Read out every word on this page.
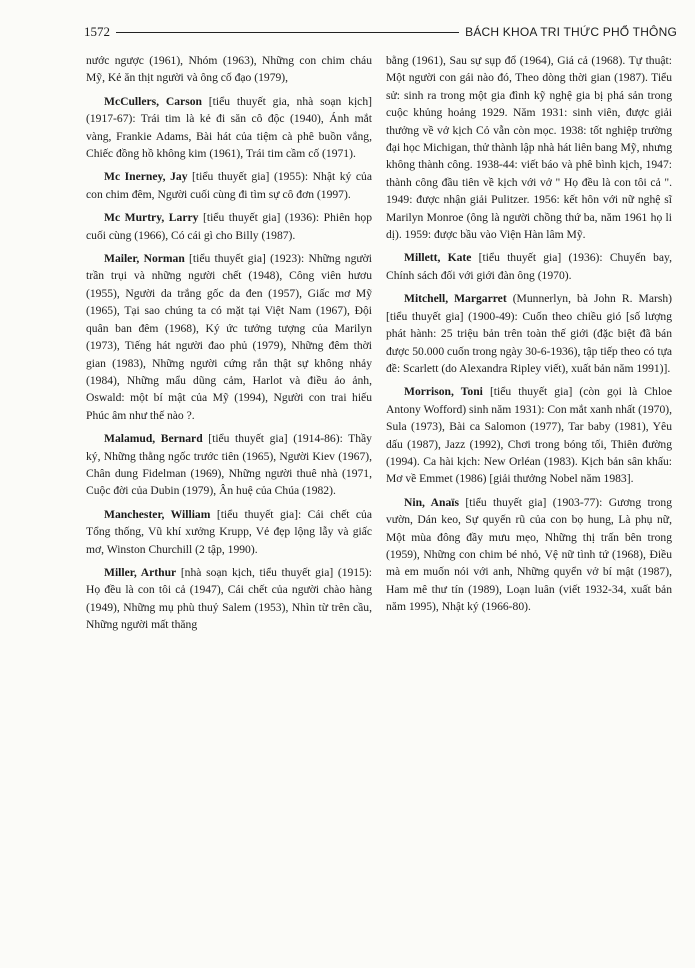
1572	BÁCH KHOA TRI THỨC PHỔ THÔNG

nước ngược (1961), Nhóm (1963), Những con chim cháu Mỹ, Kẻ ăn thịt người và ông cố đạo (1979),

McCullers, Carson [tiểu thuyết gia, nhà soạn kịch] (1917-67): Trái tim là kẻ đi săn cô độc (1940), Ánh mắt vàng, Frankie Adams, Bài hát của tiệm cà phê buồn vắng, Chiếc đồng hồ không kim (1961), Trái tim cầm cố (1971).

Mc Inerney, Jay [tiểu thuyết gia] (1955): Nhật ký của con chim đêm, Người cuối cùng đi tìm sự cô đơn (1997).

Mc Murtry, Larry [tiểu thuyết gia] (1936): Phiên họp cuối cùng (1966), Có cái gì cho Billy (1987).

Mailer, Norman [tiểu thuyết gia] (1923): Những người trần trụi và những người chết (1948), Công viên hươu (1955), Người da trắng gốc da đen (1957), Giấc mơ Mỹ (1965), Tại sao chúng ta có mặt tại Việt Nam (1967), Đội quân ban đêm (1968), Ký ức tưởng tượng của Marilyn (1973), Tiếng hát người đao phủ (1979), Những đêm thời gian (1983), Những người cứng rắn thật sự không nhảy (1984), Những mẩu dũng cảm, Harlot và điều ảo ảnh, Oswald: một bí mật của Mỹ (1994), Người con trai hiếu Phúc âm như thế nào ?.

Malamud, Bernard [tiểu thuyết gia] (1914-86): Thầy ký, Những thằng ngốc trước tiên (1965), Người Kiev (1967), Chân dung Fidelman (1969), Những người thuê nhà (1971, Cuộc đời của Dubin (1979), Ân huệ của Chúa (1982).

Manchester, William [tiểu thuyết gia]: Cái chết của Tổng thống, Vũ khí xưởng Krupp, Vẻ đẹp lộng lẫy và giấc mơ, Winston Churchill (2 tập, 1990).

Miller, Arthur [nhà soạn kịch, tiểu thuyết gia] (1915): Họ đều là con tôi cả (1947), Cái chết của người chào hàng (1949), Những mụ phù thuỷ Salem (1953), Nhìn từ trên cầu, Những người mất thăng

bằng (1961), Sau sự sụp đổ (1964), Giá cả (1968). Tự thuật: Một người con gái nào đó, Theo dòng thời gian (1987). Tiểu sử: sinh ra trong một gia đình kỹ nghệ gia bị phá sản trong cuộc khủng hoảng 1929. Năm 1931: sinh viên, được giải thưởng về vở kịch Cỏ vẫn còn mọc. 1938: tốt nghiệp trường đại học Michigan, thử thành lập nhà hát liên bang Mỹ, nhưng không thành công. 1938-44: viết báo và phê bình kịch, 1947: thành công đầu tiên về kịch với vở " Họ đều là con tôi cả ". 1949: được nhận giải Pulitzer. 1956: kết hôn với nữ nghệ sĩ Marilyn Monroe (ông là người chồng thứ ba, năm 1961 họ li dị). 1959: được bầu vào Viện Hàn lâm Mỹ.

Millett, Kate [tiểu thuyết gia] (1936): Chuyến bay, Chính sách đối với giới đàn ông (1970).

Mitchell, Margarret (Munnerlyn, bà John R. Marsh) [tiểu thuyết gia] (1900-49): Cuốn theo chiều gió [số lượng phát hành: 25 triệu bản trên toàn thế giới (đặc biệt đã bán được 50.000 cuốn trong ngày 30-6-1936), tập tiếp theo có tựa đề: Scarlett (do Alexandra Ripley viết), xuất bản năm 1991)].

Morrison, Toni [tiểu thuyết gia] (còn gọi là Chloe Antony Wofford) sinh năm 1931): Con mắt xanh nhất (1970), Sula (1973), Bài ca Salomon (1977), Tar baby (1981), Yêu dấu (1987), Jazz (1992), Chơi trong bóng tối, Thiên đường (1994). Ca hài kịch: New Orléan (1983). Kịch bản sân khấu: Mơ về Emmet (1986) [giải thưởng Nobel năm 1983].

Nin, Anaïs [tiểu thuyết gia] (1903-77): Gương trong vườn, Dán keo, Sự quyến rũ của con bọ hung, Là phụ nữ, Một mùa đông đầy mưu mẹo, Những thị trấn bên trong (1959), Những con chim bé nhỏ, Vệ nữ tình tứ (1968), Điều mà em muốn nói với anh, Những quyển vở bí mật (1987), Ham mê thư tín (1989), Loạn luân (viết 1932-34, xuất bản năm 1995), Nhật ký (1966-80).
